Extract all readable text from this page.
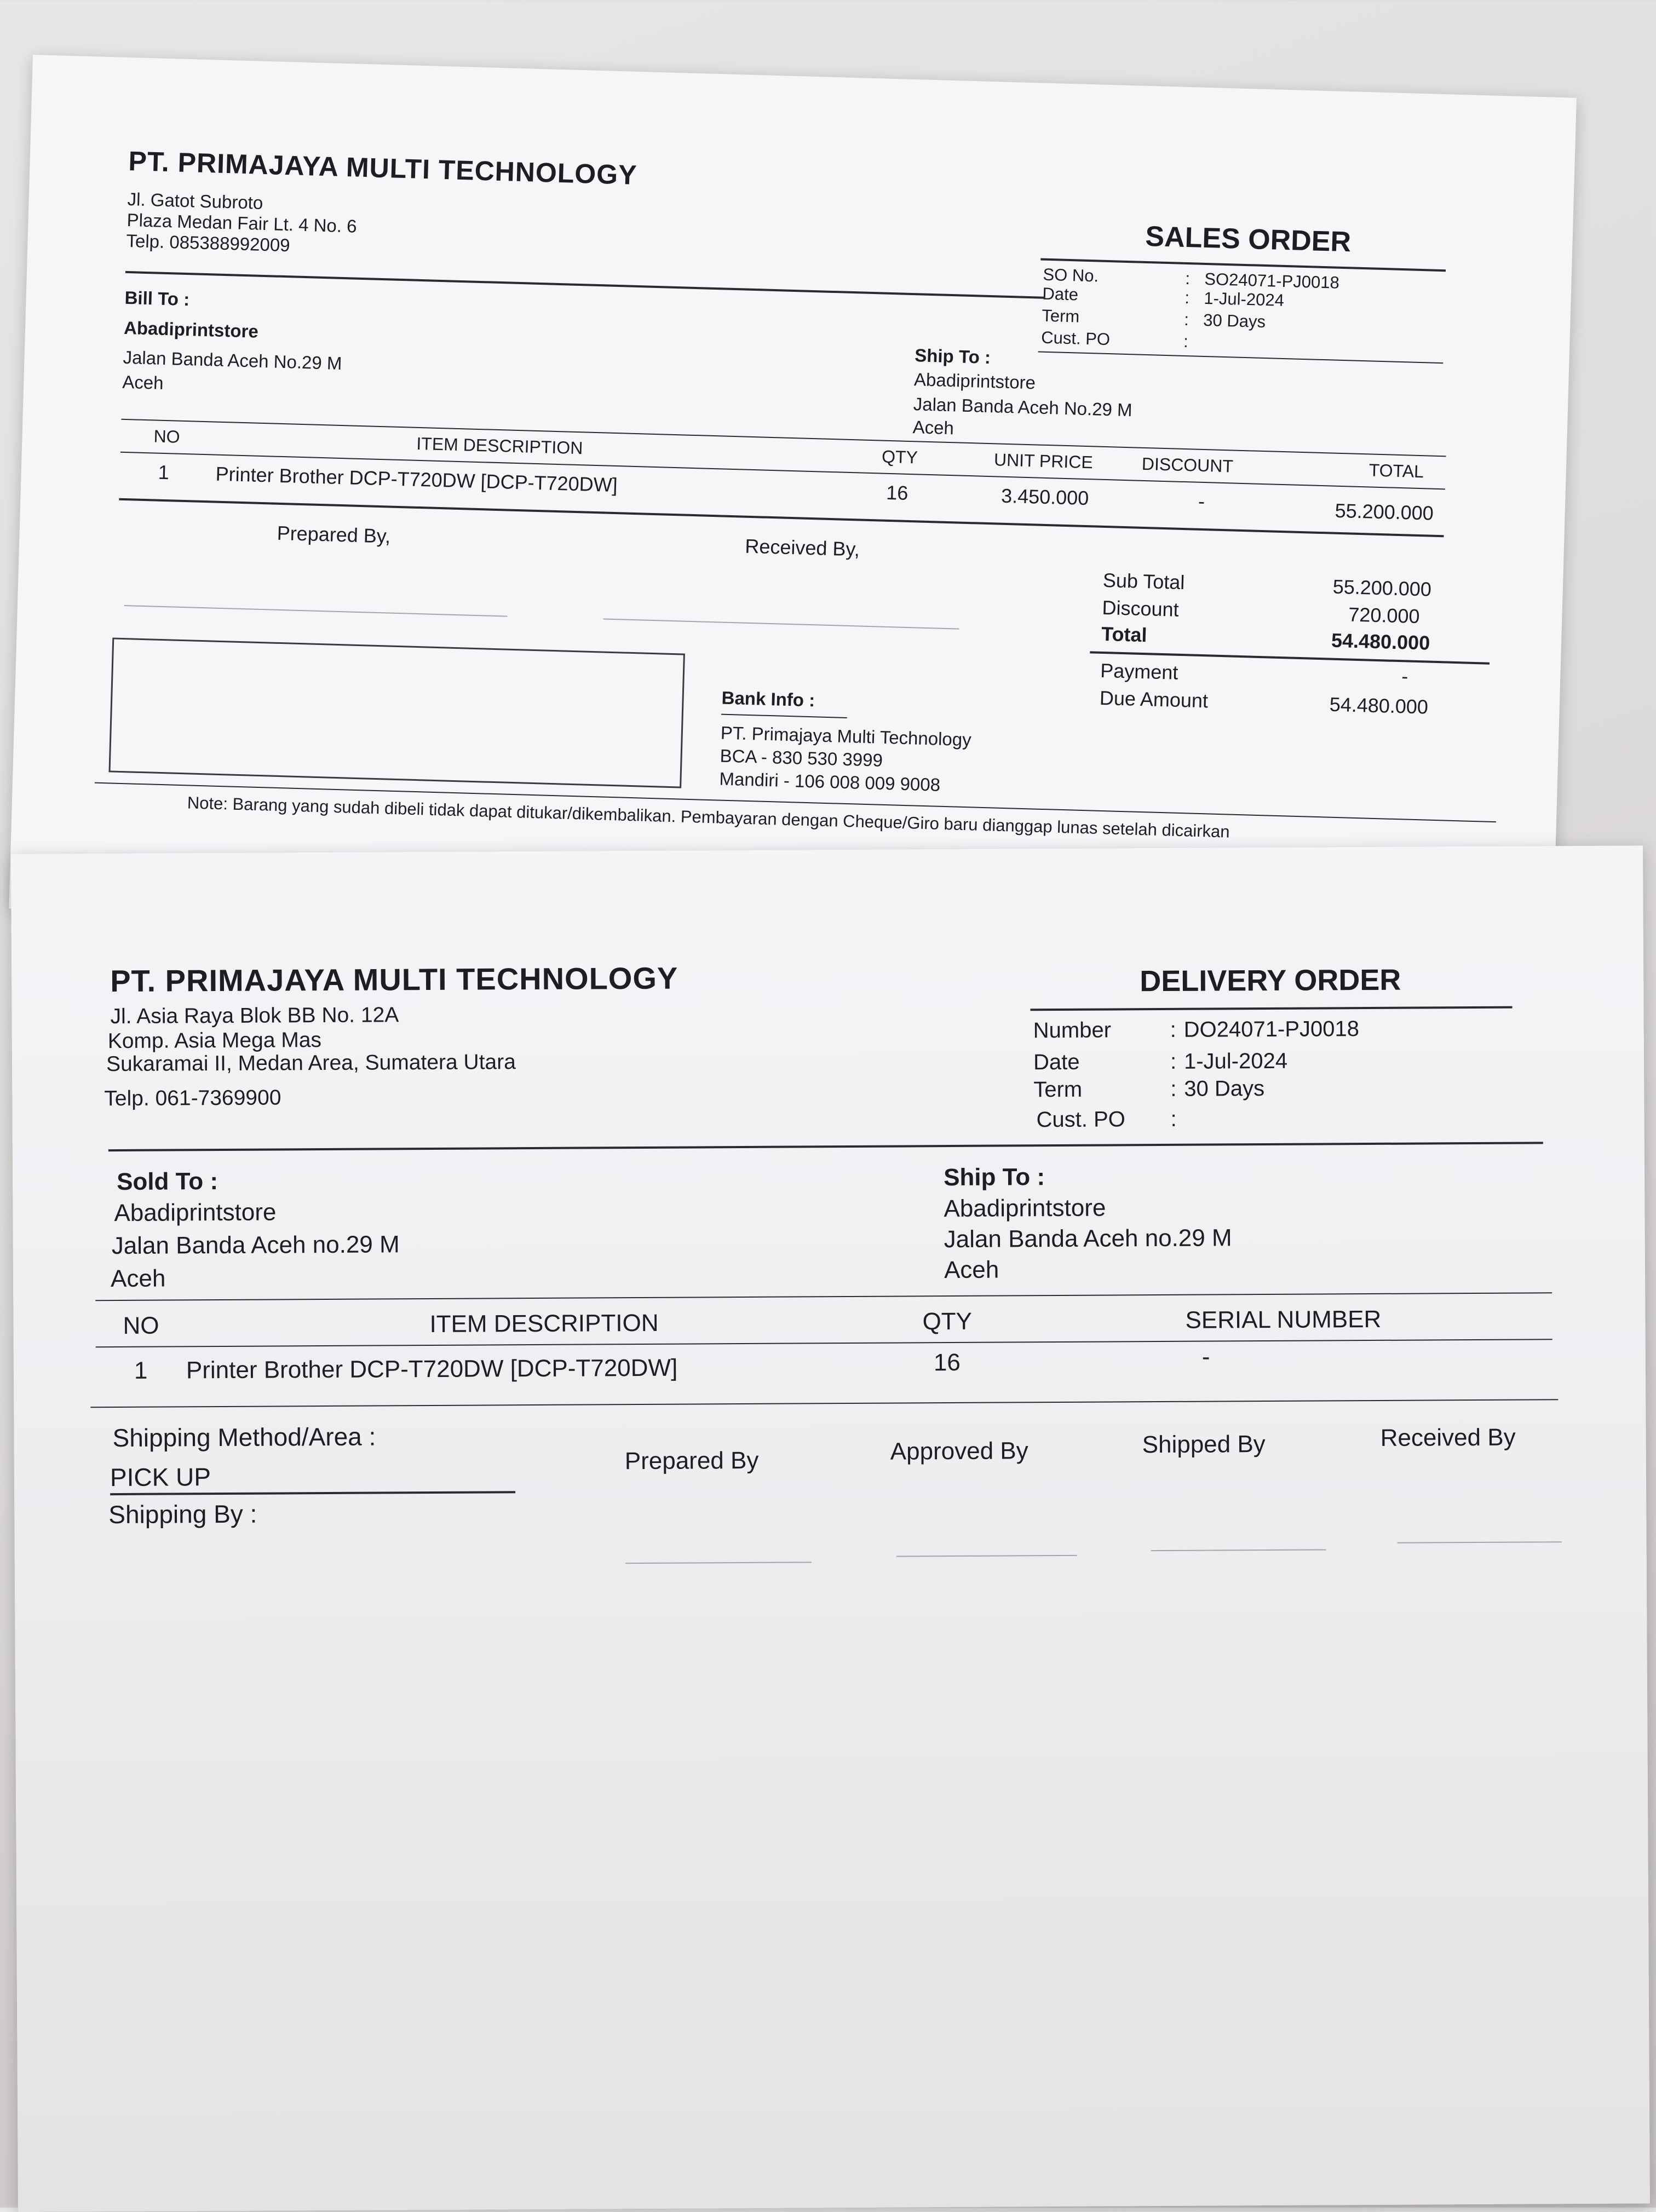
PT. PRIMAJAYA MULTI TECHNOLOGY
Jl. Gatot Subroto
Plaza Medan Fair Lt. 4 No. 6
Telp. 085388992009	SALES ORDER
SO No.	: SO24071-PJ0018
Date	: 1-Jul-2024
Term	: 30 Days
Cust. PO	:
Bill To :
Abadiprintstore
Jalan Banda Aceh No.29 M
Aceh
Ship To :
Abadiprintstore
Jalan Banda Aceh No.29 M
Aceh
NO	ITEM DESCRIPTION	QTY	UNIT PRICE	DISCOUNT	TOTAL
1 Printer Brother DCP-T720DW [DCP-T720DW]	16	3.450.000	-	55.200.000
Prepared By,
Received By,
Sub Total	55.200.000
Discount	720.000
Total	54.480.000
Payment	-
Due Amount	54.480.000
Bank Info :
PT. Primajaya Multi Technology
BCA - 830 530 3999
Mandiri - 106 008 009 9008
Note: Barang yang sudah dibeli tidak dapat ditukar/dikembalikan. Pembayaran dengan Cheque/Giro baru dianggap lunas setelah dicairkan
PT. PRIMAJAYA MULTI TECHNOLOGY
Jl. Asia Raya Blok BB No. 12A
Komp. Asia Mega Mas
Sukaramai II, Medan Area, Sumatera Utara
Telp. 061-7369900
DELIVERY ORDER
Number	: DO24071-PJ0018
Date	: 1-Jul-2024
Term	: 30 Days
Cust. PO :
Sold To :
Abadiprintstore
Jalan Banda Aceh no.29 M
Aceh
Ship To :
Abadiprintstore
Jalan Banda Aceh no.29 M
Aceh
NO	ITEM DESCRIPTION	QTY	SERIAL NUMBER
1 Printer Brother DCP-T720DW [DCP-T720DW]	16	-
Shipping Method/Area :
PICK UP
Shipping By :
Prepared By	Approved By	Shipped By	Received By
